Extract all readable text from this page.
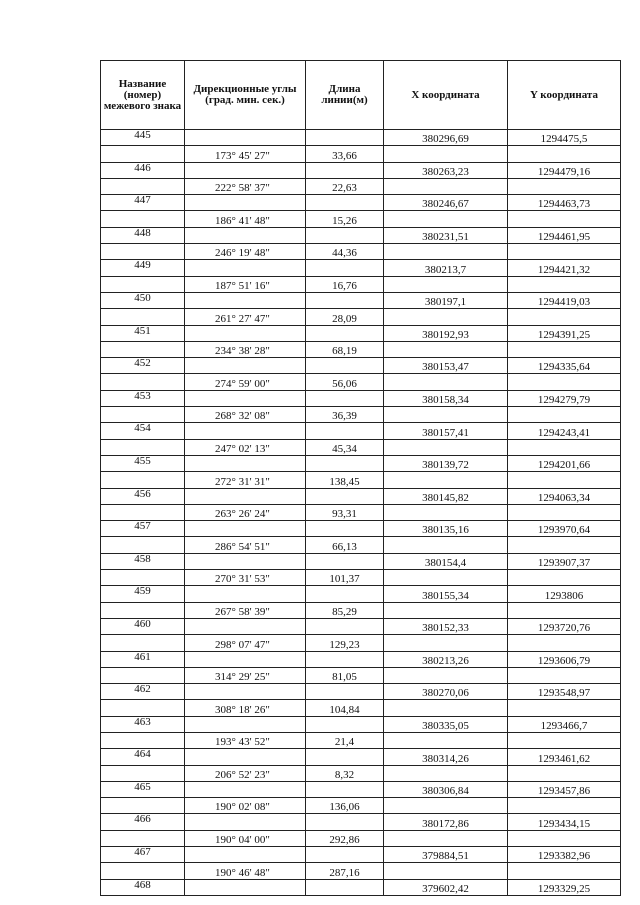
Название (номер) межевого знака	Дирекционные углы (град. мин. сек.)	Длина линии(м)	X координата	Y координата
445			380296,69	1294475,5
	173° 45' 27"	33,66		
446			380263,23	1294479,16
	222° 58' 37"	22,63		
447			380246,67	1294463,73
	186° 41' 48"	15,26		
448			380231,51	1294461,95
	246° 19' 48"	44,36		
449			380213,7	1294421,32
	187° 51' 16"	16,76		
450			380197,1	1294419,03
	261° 27' 47"	28,09		
451			380192,93	1294391,25
	234° 38' 28"	68,19		
452			380153,47	1294335,64
	274° 59' 00"	56,06		
453			380158,34	1294279,79
	268° 32' 08"	36,39		
454			380157,41	1294243,41
	247° 02' 13"	45,34		
455			380139,72	1294201,66
	272° 31' 31"	138,45		
456			380145,82	1294063,34
	263° 26' 24"	93,31		
457			380135,16	1293970,64
	286° 54' 51"	66,13		
458			380154,4	1293907,37
	270° 31' 53"	101,37		
459			380155,34	1293806
	267° 58' 39"	85,29		
460			380152,33	1293720,76
	298° 07' 47"	129,23		
461			380213,26	1293606,79
	314° 29' 25"	81,05		
462			380270,06	1293548,97
	308° 18' 26"	104,84		
463			380335,05	1293466,7
	193° 43' 52"	21,4		
464			380314,26	1293461,62
	206° 52' 23"	8,32		
465			380306,84	1293457,86
	190° 02' 08"	136,06		
466			380172,86	1293434,15
	190° 04' 00"	292,86		
467			379884,51	1293382,96
	190° 46' 48"	287,16		
468			379602,42	1293329,25
